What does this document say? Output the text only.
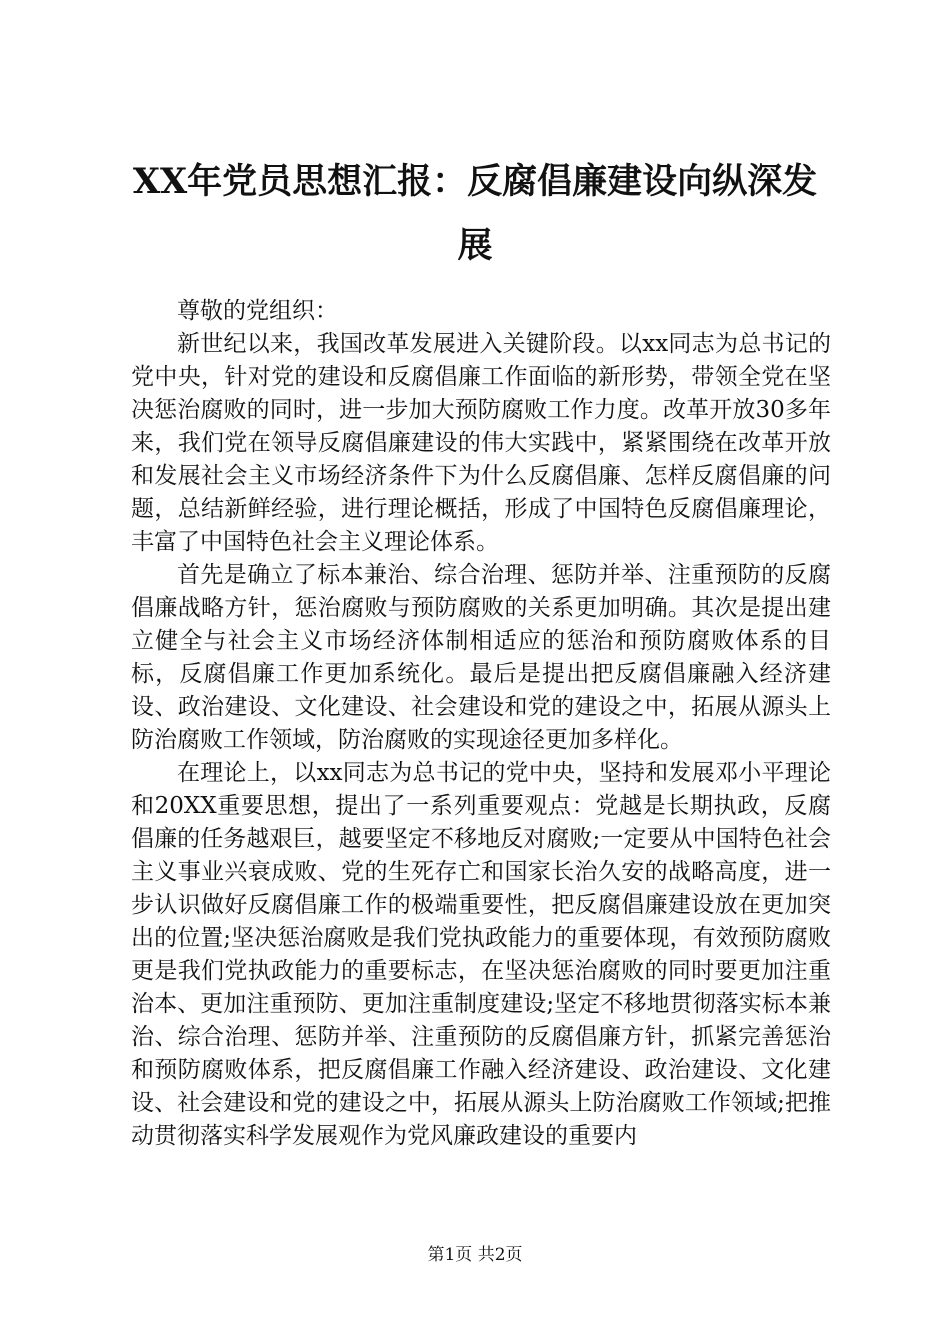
XX年党员思想汇报：反腐倡廉建设向纵深发展
尊敬的党组织：

新世纪以来，我国改革发展进入关键阶段。以xx同志为总书记的党中央，针对党的建设和反腐倡廉工作面临的新形势，带领全党在坚决惩治腐败的同时，进一步加大预防腐败工作力度。改革开放30多年来，我们党在领导反腐倡廉建设的伟大实践中，紧紧围绕在改革开放和发展社会主义市场经济条件下为什么反腐倡廉、怎样反腐倡廉的问题，总结新鲜经验，进行理论概括，形成了中国特色反腐倡廉理论，丰富了中国特色社会主义理论体系。

首先是确立了标本兼治、综合治理、惩防并举、注重预防的反腐倡廉战略方针，惩治腐败与预防腐败的关系更加明确。其次是提出建立健全与社会主义市场经济体制相适应的惩治和预防腐败体系的目标，反腐倡廉工作更加系统化。最后是提出把反腐倡廉融入经济建设、政治建设、文化建设、社会建设和党的建设之中，拓展从源头上防治腐败工作领域，防治腐败的实现途径更加多样化。

在理论上，以xx同志为总书记的党中央，坚持和发展邓小平理论和20XX重要思想，提出了一系列重要观点：党越是长期执政，反腐倡廉的任务越艰巨，越要坚定不移地反对腐败;一定要从中国特色社会主义事业兴衰成败、党的生死存亡和国家长治久安的战略高度，进一步认识做好反腐倡廉工作的极端重要性，把反腐倡廉建设放在更加突出的位置;坚决惩治腐败是我们党执政能力的重要体现，有效预防腐败更是我们党执政能力的重要标志，在坚决惩治腐败的同时要更加注重治本、更加注重预防、更加注重制度建设;坚定不移地贯彻落实标本兼治、综合治理、惩防并举、注重预防的反腐倡廉方针，抓紧完善惩治和预防腐败体系，把反腐倡廉工作融入经济建设、政治建设、文化建设、社会建设和党的建设之中，拓展从源头上防治腐败工作领域;把推动贯彻落实科学发展观作为党风廉政建设的重要内

第1页 共2页
